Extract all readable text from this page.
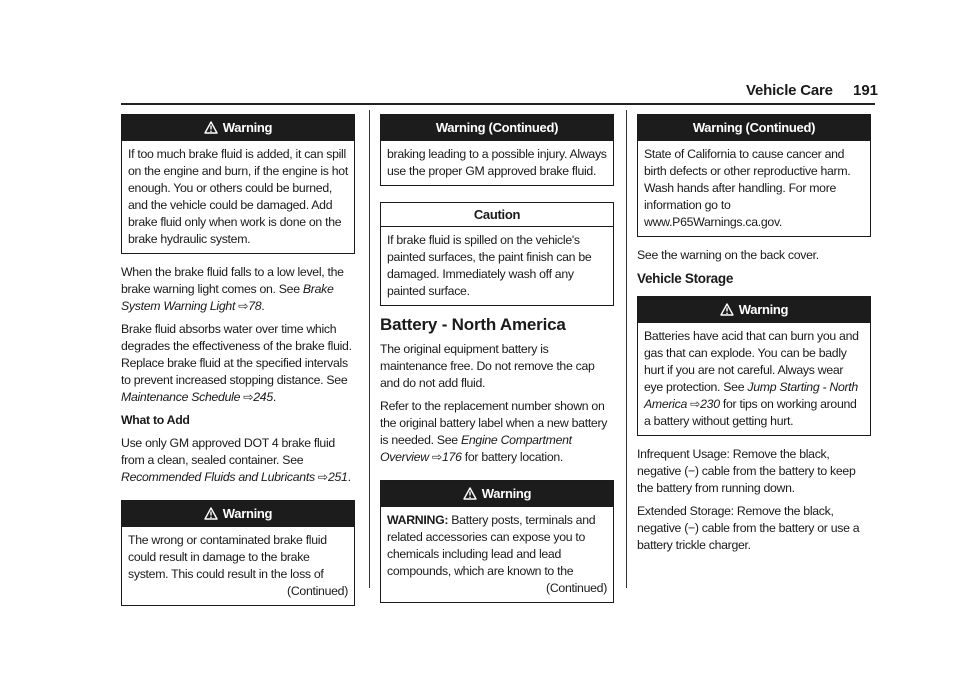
Vehicle Care 191
Warning
If too much brake fluid is added, it can spill on the engine and burn, if the engine is hot enough. You or others could be burned, and the vehicle could be damaged. Add brake fluid only when work is done on the brake hydraulic system.

When the brake fluid falls to a low level, the brake warning light comes on. See Brake System Warning Light ⇨78.

Brake fluid absorbs water over time which degrades the effectiveness of the brake fluid. Replace brake fluid at the specified intervals to prevent increased stopping distance. See Maintenance Schedule ⇨245.

What to Add

Use only GM approved DOT 4 brake fluid from a clean, sealed container. See Recommended Fluids and Lubricants ⇨251.

Warning
The wrong or contaminated brake fluid could result in damage to the brake system. This could result in the loss of
(Continued)
Warning (Continued)
braking leading to a possible injury. Always use the proper GM approved brake fluid.
Caution
If brake fluid is spilled on the vehicle's painted surfaces, the paint finish can be damaged. Immediately wash off any painted surface.
Battery - North America

The original equipment battery is maintenance free. Do not remove the cap and do not add fluid.

Refer to the replacement number shown on the original battery label when a new battery is needed. See Engine Compartment Overview ⇨176 for battery location.

Warning
WARNING: Battery posts, terminals and related accessories can expose you to chemicals including lead and lead compounds, which are known to the
(Continued)
Warning (Continued)
State of California to cause cancer and birth defects or other reproductive harm. Wash hands after handling. For more information go to www.P65Warnings.ca.gov.

See the warning on the back cover.

Vehicle Storage
Warning
Batteries have acid that can burn you and gas that can explode. You can be badly hurt if you are not careful. Always wear eye protection. See Jump Starting - North America ⇨230 for tips on working around a battery without getting hurt.

Infrequent Usage: Remove the black, negative (−) cable from the battery to keep the battery from running down.

Extended Storage: Remove the black, negative (−) cable from the battery or use a battery trickle charger.
